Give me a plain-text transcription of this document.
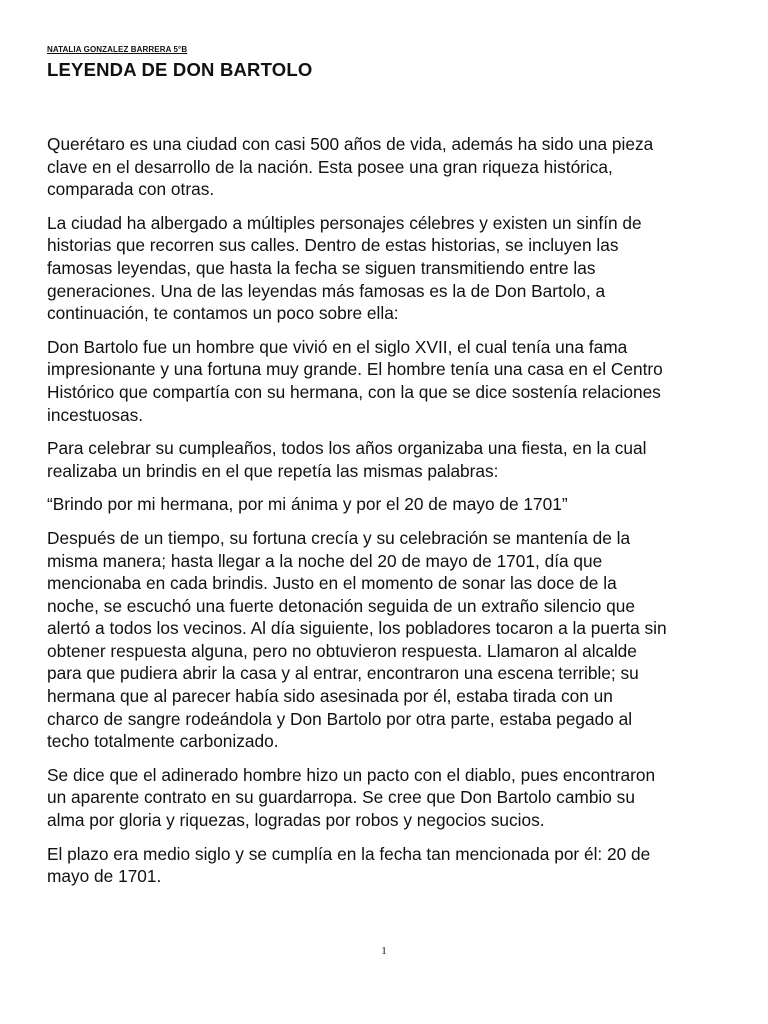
NATALIA GONZALEZ BARRERA 5°B
LEYENDA DE DON BARTOLO

Querétaro es una ciudad con casi 500 años de vida, además ha sido una pieza
clave en el desarrollo de la nación. Esta posee una gran riqueza histórica,
comparada con otras.

La ciudad ha albergado a múltiples personajes célebres y existen un sinfín de
historias que recorren sus calles. Dentro de estas historias, se incluyen las
famosas leyendas, que hasta la fecha se siguen transmitiendo entre las
generaciones. Una de las leyendas más famosas es la de Don Bartolo, a
continuación, te contamos un poco sobre ella:

Don Bartolo fue un hombre que vivió en el siglo XVII, el cual tenía una fama
impresionante y una fortuna muy grande. El hombre tenía una casa en el Centro
Histórico que compartía con su hermana, con la que se dice sostenía relaciones
incestuosas.

Para celebrar su cumpleaños, todos los años organizaba una fiesta, en la cual
realizaba un brindis en el que repetía las mismas palabras:

“Brindo por mi hermana, por mi ánima y por el 20 de mayo de 1701”

Después de un tiempo, su fortuna crecía y su celebración se mantenía de la
misma manera; hasta llegar a la noche del 20 de mayo de 1701, día que
mencionaba en cada brindis. Justo en el momento de sonar las doce de la
noche, se escuchó una fuerte detonación seguida de un extraño silencio que
alertó a todos los vecinos. Al día siguiente, los pobladores tocaron a la puerta sin
obtener respuesta alguna, pero no obtuvieron respuesta. Llamaron al alcalde
para que pudiera abrir la casa y al entrar, encontraron una escena terrible; su
hermana que al parecer había sido asesinada por él, estaba tirada con un
charco de sangre rodeándola y Don Bartolo por otra parte, estaba pegado al
techo totalmente carbonizado.

Se dice que el adinerado hombre hizo un pacto con el diablo, pues encontraron
un aparente contrato en su guardarropa. Se cree que Don Bartolo cambio su
alma por gloria y riquezas, logradas por robos y negocios sucios.

El plazo era medio siglo y se cumplía en la fecha tan mencionada por él: 20 de
mayo de 1701.

1
